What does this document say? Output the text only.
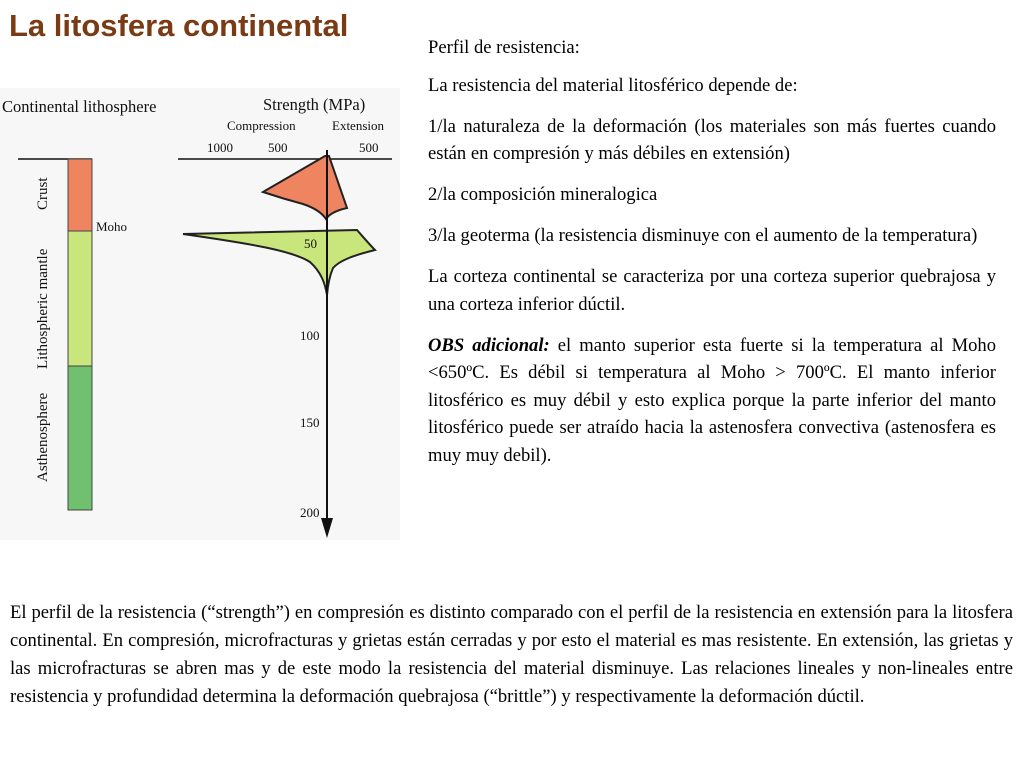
La litosfera continental
Continental lithosphere	Strength (MPa)
Compression	Extension
1000	500	500
Crust
Lithospheric mantle
Asthenosphere
Moho
50
100
150
200

Perfil de resistencia:

La resistencia del material litosférico depende de:

1/la naturaleza de la deformación (los materiales son más fuertes cuando están en compresión y más débiles en extensión)

2/la composición mineralogica

3/la geoterma (la resistencia disminuye con el aumento de la temperatura)

La corteza continental se caracteriza por una corteza superior quebrajosa y una corteza inferior dúctil.

OBS adicional: el manto superior esta fuerte si la temperatura al Moho <650ºC. Es débil si temperatura al Moho > 700ºC. El manto inferior litosférico es muy débil y esto explica porque la parte inferior del manto litosférico puede ser atraído hacia la astenosfera convectiva (astenosfera es muy muy debil).

El perfil de la resistencia (“strength”) en compresión es distinto comparado con el perfil de la resistencia en extensión para la litosfera continental. En compresión, microfracturas y grietas están cerradas y por esto el material es mas resistente. En extensión, las grietas y las microfracturas se abren mas y de este modo la resistencia del material disminuye. Las relaciones lineales y non-lineales entre resistencia y profundidad determina la deformación quebrajosa (“brittle”) y respectivamente la deformación dúctil.
